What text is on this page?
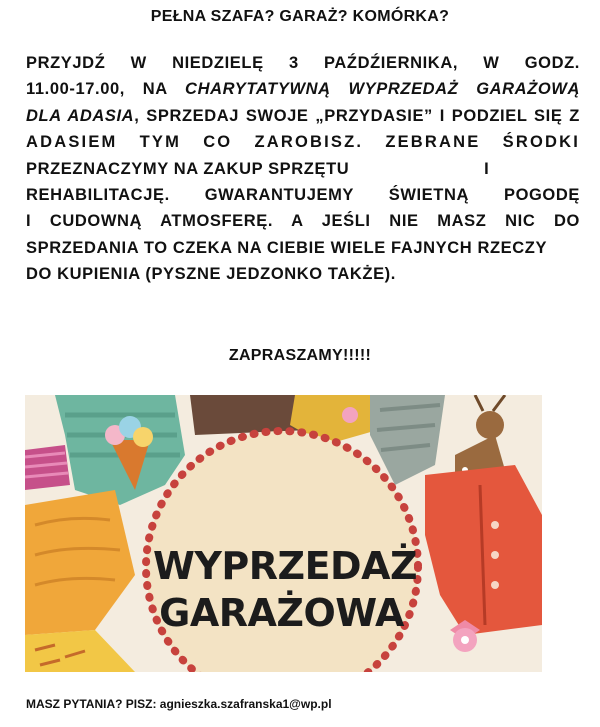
PEŁNA SZAFA? GARAŻ? KOMÓRKA?
PRZYJDŹ W NIEDZIELĘ 3 PAŹDŹIERNIKA, W GODZ.
11.00-17.00, NA CHARYTATYWNĄ WYPRZEDAŻ GARAŻOWĄ
DLA ADASIA, SPRZEDAJ SWOJE „PRZYDASIE” I PODZIEL SIĘ Z
ADASIEM TYM CO ZAROBISZ. ZEBRANE ŚRODKI
PRZEZNACZYMY NA ZAKUP SPRZĘTU                          I
REHABILITACJĘ. GWARANTUJEMY ŚWIETNĄ POGODĘ
I CUDOWNĄ ATMOSFERĘ. A JEŚLI NIE MASZ NIC DO
SPRZEDANIA TO CZEKA NA CIEBIE WIELE FAJNYCH RZECZY
DO KUPIENIA (PYSZNE JEDZONKO TAKŻE).
ZAPRASZAMY!!!!!
WYPRZEDAŻ
GARAŻOWA
MASZ PYTANIA? PISZ: agnieszka.szafranska1@wp.pl
